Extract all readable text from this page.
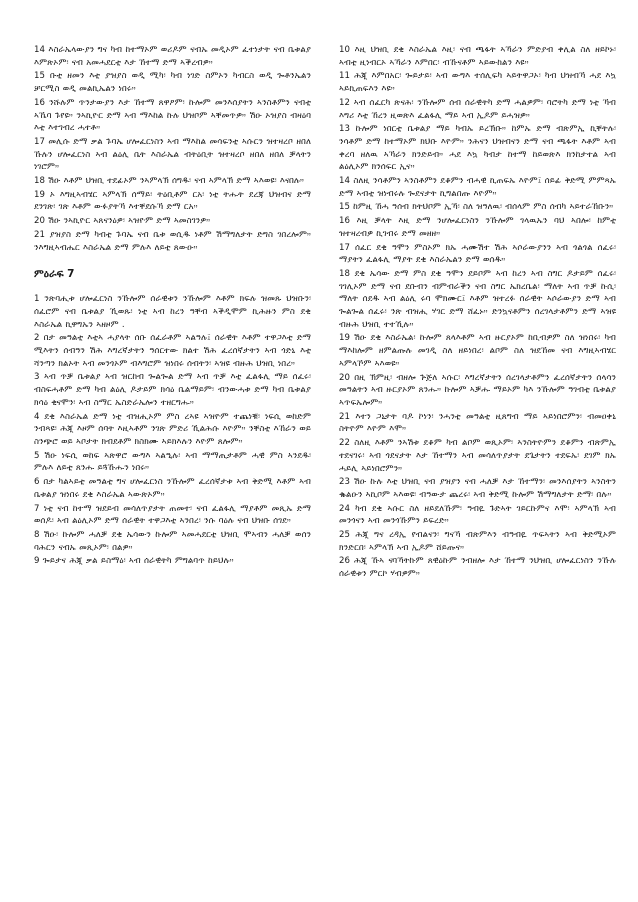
14 እስራኤላውያን ግና ካብ ከተማኦም ወሪዶም ናብኡ መዲኦም ፈተነታት ናብ ቤቱልያ እምጽኦም፡ ናብ አመሓደርቲ እታ ኸተማ ድማ ኣቕረብዎ።

15 ቡቲ ዘመን እቲ ያዝያስ ወዲ ሚካ፡ ካብ ነገድ ስምኦን ካብርስ ወዲ ጐቶንኤልን ቻርሚስ ወዲ መልኪኤልን ነበሩ።

16 ንሹሉም ጥንታውያን እታ ኸተማ ጸዋዖም፡ ኩሎም መንእሰያትን ኣንስቶምን ናብቲ ኣኼባ ጉየዩ። ንኣኪዮር ድማ ኣብ ማእከል ኩሉ ህዝቦም ኣቐመጥዎ። ሽዑ ኦዝያስ ብዛዕባ እቲ እተገብረ ሓተቶ።

17 መሊሱ ድማ ቃል ጉባኤ ሆሎፈርነስን ኣብ ማእከል መሳፍንቲ ኣሱርን ዝተዛረቦ ዘበለ ኹሉን ሆሎፈርነስ ኣብ ልዕሊ ቤት እስራኤል ብትዕቢት ዝተዛረቦ ዘበለ ዘበለ ቓላትን ነገሮም።

18 ሽዑ እቶም ህዝቢ ተደፊኦም ንኣምላኽ ሰግዱ፡ ናብ ኣምላኽ ድማ ኣእወዩ፡ እናበሉ።

19 ኦ እግዚኣብሄር ኣምላኽ ሰማይ፡ ትዕቢቶም ርአ፡ ነቲ ትሑት ደረጃ ህዝብና ድማ ደንገጽ፡ ገጽ እቶም ውፉያትኻ እተቐደሱኻ ድማ ርአ።

20 ሽዑ ንኣኪዮር ኣጸናንዕዎ፡ ኣዝዮም ድማ ኣመስገንዎ።

21 ያዝያስ ድማ ካብቲ ጉባኤ ናብ ቤቱ ወሲዱ ነቶም ሽማግለታት ድግስ ገበረሎም። ንእግዚኣብሔር እስራኤል ድማ ምሉእ ለይቲ ጸውዑ።

ምዕራፍ 7

1 ንጽባሒቱ ሆሎፈርነስ ንኹሎም ሰራዊቱን ንኹሎም እቶም ክፍሉ ዝመጹ ህዝቡን፡ ሰፈሮም ናብ ቤቱልያ ኺወጹ፡ ነቲ ኣብ ከረን ዓቐብ ኣቕዲሞም ኪሕዙን ምስ ደቂ እስራኤል ኪዋግኡን ኣዘዞም .

2 በታ መዓልቲ እቲኣ ሓያላት ሰቡ ሰፈራቶም ኣልዓሉ፤ ሰራዊት እቶም ተዋጋእቲ ድማ ሚእትን ሰብዓን ሽሕ እግረኛታትን ዓሰርተው ክልተ ሽሕ ፈረሰኛታትን ኣብ ጎድኒ እቲ ሻንጣን ክልኦት ኣብ መንጎኦም ብእግሮም ዝነበሩ ሰብትን፡ ኣዝዩ ብዙሕ ህዝቢ ነበረ።

3 ኣብ ጥቓ ቤቱልያ ኣብ ዝርከብ ጐልጐል ድማ ኣብ ጥቓ እቲ ፈልፋሊ ማይ ሰፈሩ፡ ብስፍሓቶም ድማ ካብ ልዕሊ ዶታይም ክሳዕ ቤልማይም፡ ብንውሓቱ ድማ ካብ ቤቱልያ ክሳዕ ቂናሞን፡ ኣብ ስማር ኤስድራኤሎን ተዘርግሑ።

4 ደቂ እስራኤል ድማ ነቲ ብዝሒኦም ምስ ረኣዩ ኣዝዮም ተጨነቑ፡ ነፍሲ ወከድም ንብጻዩ፡ ሕጂ እዞም ሰባት እዚኣቶም ንገጽ ምድሪ ኺልሕሱ እዮም። ንቐስቲ እኸራን ወይ ስንጭሮ ወይ ኣቦታት ክብደቶም ክስክሙ ኣይክእሉን እዮም ጸሎም።

5 ሽዑ ነፍሲ ወከፍ ኣጽዋሮ ውግእ ኣልዒሉ፡ ኣብ ማማጢታቶም ሓዊ ምስ ኣንደዱ፡ ምሉእ ለይቲ ጸንሑ ይጓኹሑን ነበሩ።

6 በታ ካልኣይቲ መዓልቲ ግና ሆሎፈርነስ ንኹሎም ፈረሰኛታቱ ኣብ ቅድሚ እቶም ኣብ ቤቱልያ ዝነበሩ ደቂ እስራኤል ኣውጽኦም።

7 ነቲ ናብ ከተማ ዝደይብ መሳለጥያታት ጠመተ፡ ናብ ፈልፋሊ ማያቶም መጺኡ ድማ ወሰዶ፡ ኣብ ልዕሊኦም ድማ ሰራዊት ተዋጋእቲ ኣንበረ፡ ንሱ ባዕሉ ናብ ህዝቡ ሰገደ።

8 ሽዑ፡ ኩሎም ሓለቓ ደቂ ኤሳውን ኩሎም ኣመሓደርቲ ህዝቢ ሞኣብን ሓለቓ ወሰን ባሕርን ናብኡ መጺኦም፡ በልዎ።

9 ጐይታና ሕጂ ቃል ይስማዕ፡ ኣብ ሰራዊትካ ምግልባጥ ከይህሉ።

10 እዚ ህዝቢ ደቂ እስራኤል እዚ፡ ናብ ጫፋት ኣኻራን ምድያብ ቀሊል ስለ ዘይኮኑ፡ ኣብቲ ዚነብርኦ ኣኻራን እምበር፡ ብኹናቶም ኣይውከልን እዩ።

11 ሕጂ እምበአር፡ ጐይታይ፡ ኣብ ውግእ ተሰሊፍካ ኣይትዋጋኦ፡ ካብ ህዝብኻ ሓደ እኳ ኣይኪጠፍእን እዩ።

12 ኣብ ሰፈርካ ጽናሕ፡ ንኹሎም ሰብ ሰራዊትካ ድማ ሓልዎም፡ ባሮትካ ድማ ነቲ ኻብ እግሪ እቲ ኸረን ዚወጽእ ፈልፋሊ ማይ ኣብ ኢዶም ይሓዝዎ።

13 ኩሎም ነበርቲ ቤቱልያ ማይ ካብኡ ይረኽቡ። ከምኡ ድማ ብጽምኢ ኪቐትሉ፡ ንሳቶም ድማ ከተማኦም ክህቡ እዮም። ንሕናን ህዝብናን ድማ ናብ ጫፋት እቶም ኣብ ቀረባ ዘለዉ ኣኻራን ክንድይብ። ሓደ እኳ ካብታ ከተማ ከይወጽእ ክንከታተል ኣብ ልዕሊኦም ክንሰፍር ኢና።

14 ስለዚ ንሳቶምን ኣንስቶምን ደቆምን ብሓዊ ኪጠፍኡ እዮም፤ ሰይፊ ቅድሚ ምምጻኡ ድማ ኣብቲ ዝነብሩሉ ጐደናታት ኪግልበጡ እዮም።

15 ከምዚ ኸሓ ዓሰብ ክትህቦም ኢኻ፡ ስለ ዝዓለዉ፡ ብሰላም ምስ ሰብካ ኣይተራኸቡን።

16 እዚ ቓላት እዚ ድማ ንሆሎፈርነስን ንኹሎም ገላዉኡን ባህ ኣበሎ፡ ከምቲ ዝተዛረብዎ ኪገብሩ ድማ መዘዘ።

17 ሰፈር ደቂ ዓሞን ምስኦም ክኡ ሓሙሽተ ሽሕ ኣሶራውያንን ኣብ ጎልጎል ሰፈሩ፡ ማያትን ፈልፋሊ ማያት ደቂ እስራኤልን ድማ ወሰዱ።

18 ደቂ ኤሳው ድማ ምስ ደቂ ዓሞን ደይቦም ኣብ ከረን ኣብ ስግር ዶታይም ሰፈሩ፡ ገገሊኦም ድማ ናብ ደቡብን ብምብራቕን ናብ ስግር ኤክረቤል፡ ማለት ኣብ ጥቓ ኩሲ፡ ማለት ሰደዱ ኣብ ልዕሊ ሩባ ሞክሙር፤ እቶም ዝተረፉ ሰራዊት ኣሶራውያን ድማ ኣብ ጐልጐል ሰፈሩ፡ ንጽ ብዝሒ ሃገር ድማ ሸፈኑ። ድንኳናቶምን ሰረገላታቶምን ድማ ኣዝዩ ብዙሕ ህዝቢ ተተኺሉ።

19 ሽዑ ደቂ እስራኤል፡ ኩሎም ጸላእቶም ኣብ ዙርያኦም ከቢብዎም ስለ ዝነበሩ፡ ካብ ማእከሎም ዘምልጡሉ መገዲ ስለ ዘይነበረ፡ ልቦም ስለ ዝደኸመ ናብ እግዚኣብሄር ኣምላኾም ኣእወዩ።

20 በዚ ኽምዚ፡ ብዘሎ ጕጅለ ኣሱር፡ እግረኛታትን ሰረገላታቶምን ፈረሰኛታትን ሰላሳን መዓልትን ኣብ ዙርያኦም ጸንሑ። ኩሎም ኣቓሑ ማይኦም ካእ ንኹሎም ዓገብቲ ቤቱልያ ኣጥፍኡሎም።

21 እተን ጋኒታት ባዶ ኮነን፡ ንሓንቲ መዓልቲ ዚጸግብ ማይ ኣይነበሮምን፡ ብመዐቀኒ ስትዮም እዮም እሞ።

22 ስለዚ እቶም ንኣሽቱ ደቆም ካብ ልቦም ወጺኦም፡ ኣንስትዮምን ደቆምን ብጽምኢ ተደናገሩ፡ ኣብ ጎደናታት እታ ኸተማን ኣብ መሳለጥያታት ደጌታትን ተደፍኡ፡ ደገም ክኡ ሓይሊ ኣይነበሮምን።

23 ሽዑ ኩሉ እቲ ህዝቢ ናብ ያዝያን ናብ ሓለቓ እታ ኸተማን፡ መንእሰያትን ኣንስትን ቈልዑን ኣኪቦም ኣእወዩ፡ ብዓውታ ጨረሩ፡ ኣብ ቅድሚ ኩሎም ሽማግለታት ድማ፡ በሉ።

24 ካብ ደቂ ኣሱር ስለ ዘይደለኹም፡ ዓብዪ ጉድኣት ገይርኩምና እሞ፡ ኣምላኽ ኣብ መንጎናን ኣብ መንጎኹምን ይፍረድ።

25 ሕጂ ግና ረዳኢ የብልናን፡ ግናኻ ብጽምእን ብዓብዪ ጥፍኣትን ኣብ ቅድሚኦም ክንድርበ፡ ኣምላኽ ኣብ ኢዶም ሸይጡና።

26 ሕጂ ኹኣ ናባኻትኩም ጸዊዕኩም ንብዘሎ እታ ኸተማ ንህዝቢ ሆሎፈርነስን ንኹሉ ሰራዊቱን ምርኮ ሃብዎም።
